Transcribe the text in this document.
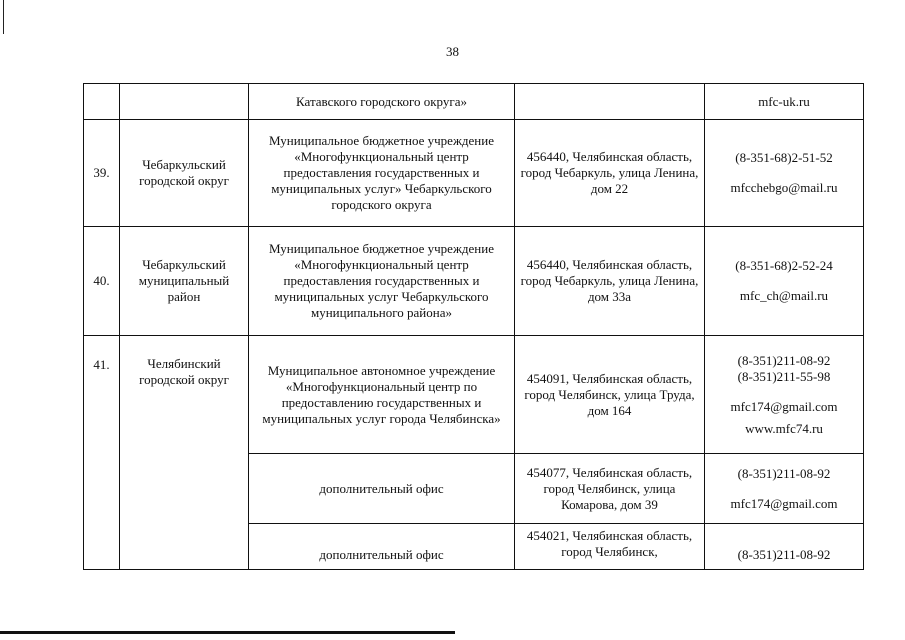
38
		Катавского городского округа»		mfc-uk.ru

39.	Чебаркульский городской округ	Муниципальное бюджетное учреждение «Многофункциональный центр предоставления государственных и муниципальных услуг» Чебаркульского городского округа	456440, Челябинская область, город Чебаркуль, улица Ленина, дом 22	(8-351-68)2-51-52
mfcchebgo@mail.ru

40.	Чебаркульский муниципальный район	Муниципальное бюджетное учреждение «Многофункциональный центр предоставления государственных и муниципальных услуг Чебаркульского муниципального района»	456440, Челябинская область, город Чебаркуль, улица Ленина, дом 33а	(8-351-68)2-52-24
mfc_ch@mail.ru

41.	Челябинский городской округ	Муниципальное автономное учреждение «Многофункциональный центр по предоставлению государственных и муниципальных услуг города Челябинска»	454091, Челябинская область, город Челябинск, улица Труда, дом 164	(8-351)211-08-92
(8-351)211-55-98
mfc174@gmail.com
www.mfc74.ru

		дополнительный офис	454077, Челябинская область, город Челябинск, улица Комарова, дом 39	(8-351)211-08-92
mfc174@gmail.com

		дополнительный офис	454021, Челябинская область, город Челябинск,	(8-351)211-08-92
